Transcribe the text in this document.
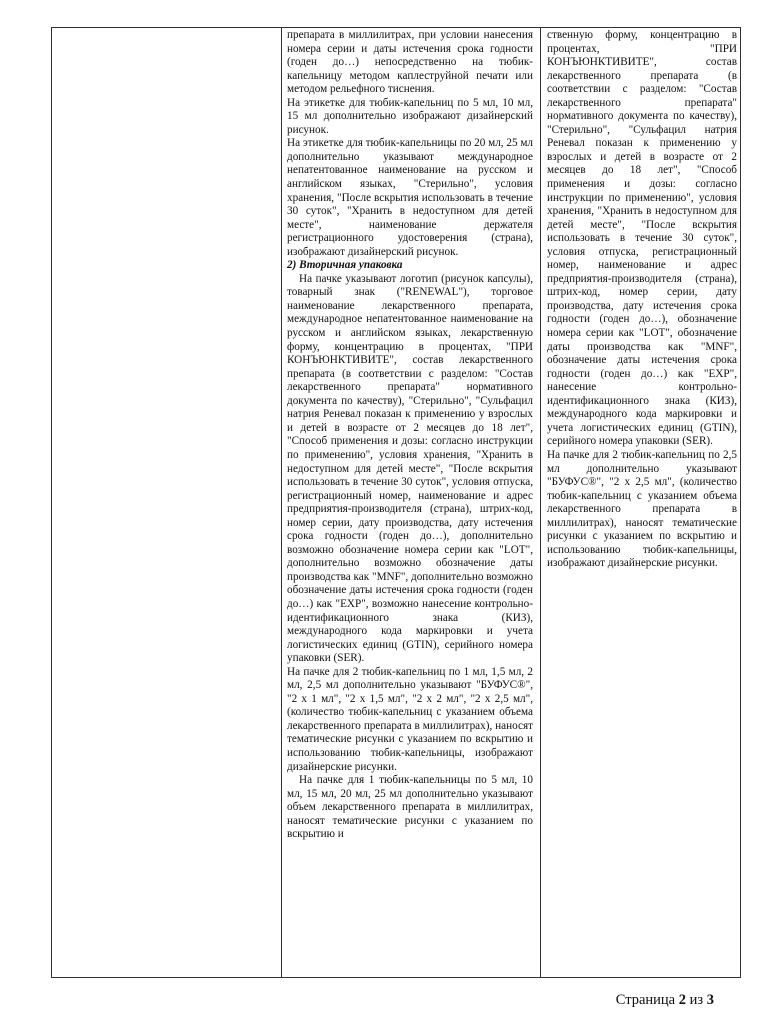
препарата в миллилитрах, при условии нанесения номера серии и даты истечения срока годности (годен до…) непосредственно на тюбик-капельницу методом каплеструйной печати или методом рельефного тиснения.

На этикетке для тюбик-капельниц по 5 мл, 10 мл, 15 мл дополнительно изображают дизайнерский рисунок.

На этикетке для тюбик-капельницы по 20 мл, 25 мл дополнительно указывают международное непатентованное наименование на русском и английском языках, "Стерильно", условия хранения, "После вскрытия использовать в течение 30 суток", "Хранить в недоступном для детей месте", наименование держателя регистрационного удостоверения (страна), изображают дизайнерский рисунок.

2) Вторичная упаковка

На пачке указывают логотип (рисунок капсулы), товарный знак ("RENEWAL"), торговое наименование лекарственного препарата, международное непатентованное наименование на русском и английском языках, лекарственную форму, концентрацию в процентах, "ПРИ КОНЪЮНКТИВИТЕ", состав лекарственного препарата (в соответствии с разделом: "Состав лекарственного препарата" нормативного документа по качеству), "Стерильно", "Сульфацил натрия Реневал показан к применению у взрослых и детей в возрасте от 2 месяцев до 18 лет", "Способ применения и дозы: согласно инструкции по применению", условия хранения, "Хранить в недоступном для детей месте", "После вскрытия использовать в течение 30 суток", условия отпуска, регистрационный номер, наименование и адрес предприятия-производителя (страна), штрих-код, номер серии, дату производства, дату истечения срока годности (годен до…), дополнительно возможно обозначение номера серии как "LOT", дополнительно возможно обозначение даты производства как "MNF", дополнительно возможно обозначение даты истечения срока годности (годен до…) как "EXP", возможно нанесение контрольно-идентификационного знака (КИЗ), международного кода маркировки и учета логистических единиц (GTIN), серийного номера упаковки (SER).

На пачке для 2 тюбик-капельниц по 1 мл, 1,5 мл, 2 мл, 2,5 мл дополнительно указывают "БУФУС®", "2 х 1 мл", "2 х 1,5 мл", "2 х 2 мл", "2 х 2,5 мл", (количество тюбик-капельниц с указанием объема лекарственного препарата в миллилитрах), наносят тематические рисунки с указанием по вскрытию и использованию тюбик-капельницы, изображают дизайнерские рисунки.

На пачке для 1 тюбик-капельницы по 5 мл, 10 мл, 15 мл, 20 мл, 25 мл дополнительно указывают объем лекарственного препарата в миллилитрах, наносят тематические рисунки с указанием по вскрытию и

ственную форму, концентрацию в процентах, "ПРИ КОНЪЮНКТИВИТЕ", состав лекарственного препарата (в соответствии с разделом: "Состав лекарственного препарата" нормативного документа по качеству), "Стерильно", "Сульфацил натрия Реневал показан к применению у взрослых и детей в возрасте от 2 месяцев до 18 лет", "Способ применения и дозы: согласно инструкции по применению", условия хранения, "Хранить в недоступном для детей месте", "После вскрытия использовать в течение 30 суток", условия отпуска, регистрационный номер, наименование и адрес предприятия-производителя (страна), штрих-код, номер серии, дату производства, дату истечения срока годности (годен до…), обозначение номера серии как "LOT", обозначение даты производства как "MNF", обозначение даты истечения срока годности (годен до…) как "EXP", нанесение контрольно-идентификационного знака (КИЗ), международного кода маркировки и учета логистических единиц (GTIN), серийного номера упаковки (SER).

На пачке для 2 тюбик-капельниц по 2,5 мл дополнительно указывают "БУФУС®", "2 х 2,5 мл", (количество тюбик-капельниц с указанием объема лекарственного препарата в миллилитрах), наносят тематические рисунки с указанием по вскрытию и использованию тюбик-капельницы, изображают дизайнерские рисунки.

Страница 2 из 3
